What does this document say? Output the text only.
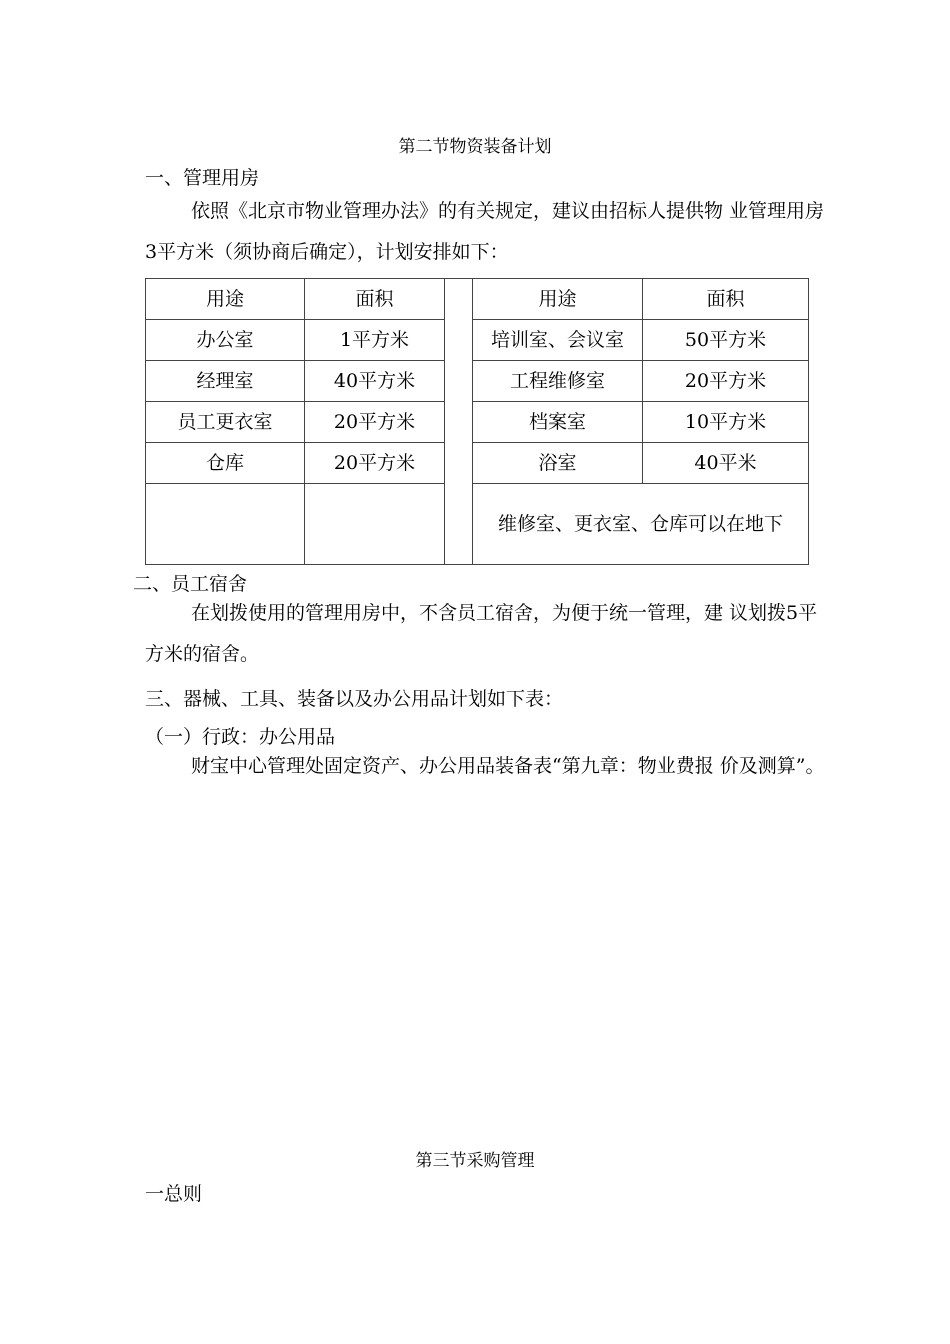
第二节物资装备计划
一、管理用房
依照《北京市物业管理办法》的有关规定，建议由招标人提供物 业管理用房3平方米（须协商后确定），计划安排如下：
用途	面积		用途	面积
办公室	1平方米		培训室、会议室	50平方米
经理室	40平方米		工程维修室	20平方米
员工更衣室	20平方米		档案室	10平方米
仓库	20平方米		浴室	40平米
			维修室、更衣室、仓库可以在地下	
二、员工宿舍
在划拨使用的管理用房中，不含员工宿舍，为便于统一管理，建 议划拨5平方米的宿舍。
三、器械、工具、装备以及办公用品计划如下表：
（一）行政：办公用品
财宝中心管理处固定资产、办公用品装备表“第九章：物业费报 价及测算”。
第三节采购管理
一总则
